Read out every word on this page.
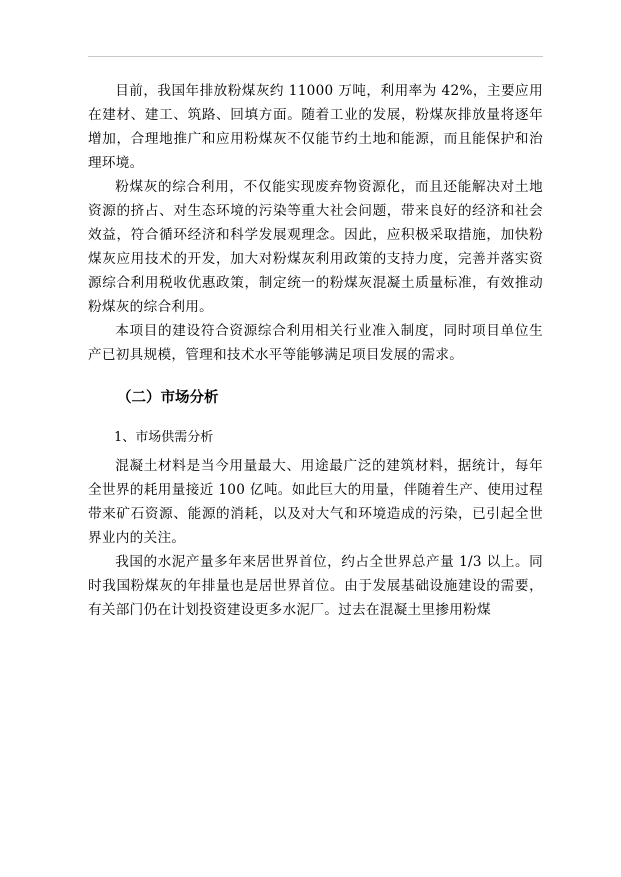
目前，我国年排放粉煤灰约 11000 万吨，利用率为 42%，主要应用在建材、建工、筑路、回填方面。随着工业的发展，粉煤灰排放量将逐年增加，合理地推广和应用粉煤灰不仅能节约土地和能源，而且能保护和治理环境。

粉煤灰的综合利用，不仅能实现废弃物资源化，而且还能解决对土地资源的挤占、对生态环境的污染等重大社会问题，带来良好的经济和社会效益，符合循环经济和科学发展观理念。因此，应积极采取措施，加快粉煤灰应用技术的开发，加大对粉煤灰利用政策的支持力度，完善并落实资源综合利用税收优惠政策，制定统一的粉煤灰混凝土质量标准，有效推动粉煤灰的综合利用。

本项目的建设符合资源综合利用相关行业准入制度，同时项目单位生产已初具规模，管理和技术水平等能够满足项目发展的需求。

（二）市场分析
1、市场供需分析

混凝土材料是当今用量最大、用途最广泛的建筑材料，据统计，每年全世界的耗用量接近 100 亿吨。如此巨大的用量，伴随着生产、使用过程带来矿石资源、能源的消耗，以及对大气和环境造成的污染，已引起全世界业内的关注。

我国的水泥产量多年来居世界首位，约占全世界总产量 1/3 以上。同时我国粉煤灰的年排量也是居世界首位。由于发展基础设施建设的需要，有关部门仍在计划投资建设更多水泥厂。过去在混凝土里掺用粉煤
